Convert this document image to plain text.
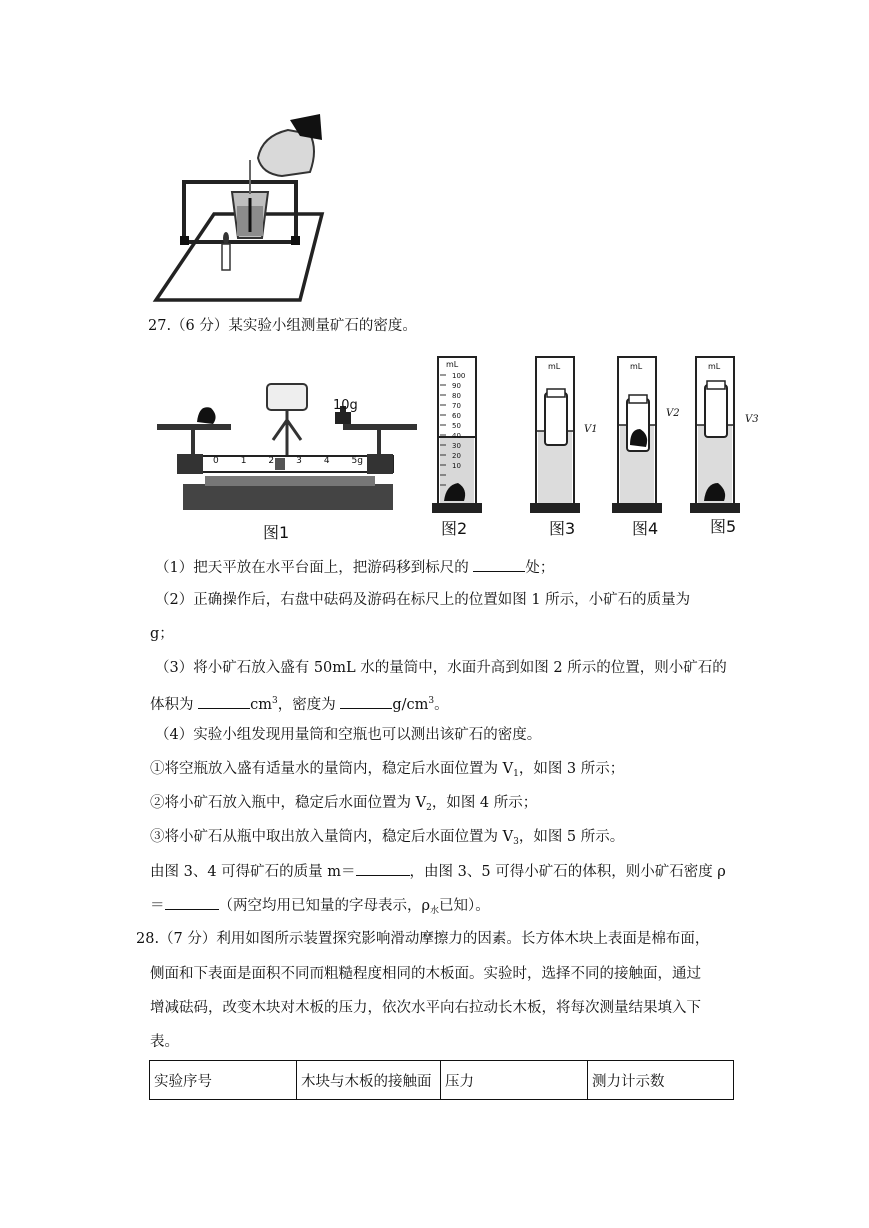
27.（6 分）某实验小组测量矿石的密度。
0 1 2 3 4 5g
10g
图1
mL
100
90
80
70
60
50
40
30
20
10
图2
mL
V1
图3
mL
V2
图4
mL
V3
图5
（1）把天平放在水平台面上，把游码移到标尺的	处；
（2）正确操作后，右盘中砝码及游码在标尺上的位置如图 1 所示，小矿石的质量为
g；
（3）将小矿石放入盛有 50mL 水的量筒中，水面升高到如图 2 所示的位置，则小矿石的
体积为	$cm^3$，密度为	$g/cm^3$。
（4）实验小组发现用量筒和空瓶也可以测出该矿石的密度。
①将空瓶放入盛有适量水的量筒内，稳定后水面位置为 $V_1$，如图 3 所示；
②将小矿石放入瓶中，稳定后水面位置为 $V_2$，如图 4 所示；
③将小矿石从瓶中取出放入量筒内，稳定后水面位置为 $V_3$，如图 5 所示。
由图 3、4 可得矿石的质量 m＝	，由图 3、5 可得小矿石的体积，则小矿石密度 ρ
＝	（两空均用已知量的字母表示，$\rho_水$已知）。
28.（7 分）利用如图所示装置探究影响滑动摩擦力的因素。长方体木块上表面是棉布面，
侧面和下表面是面积不同而粗糙程度相同的木板面。实验时，选择不同的接触面，通过
增减砝码，改变木块对木板的压力，依次水平向右拉动长木板，将每次测量结果填入下
表。
实验序号	木块与木板的接触面	压力	测力计示数
